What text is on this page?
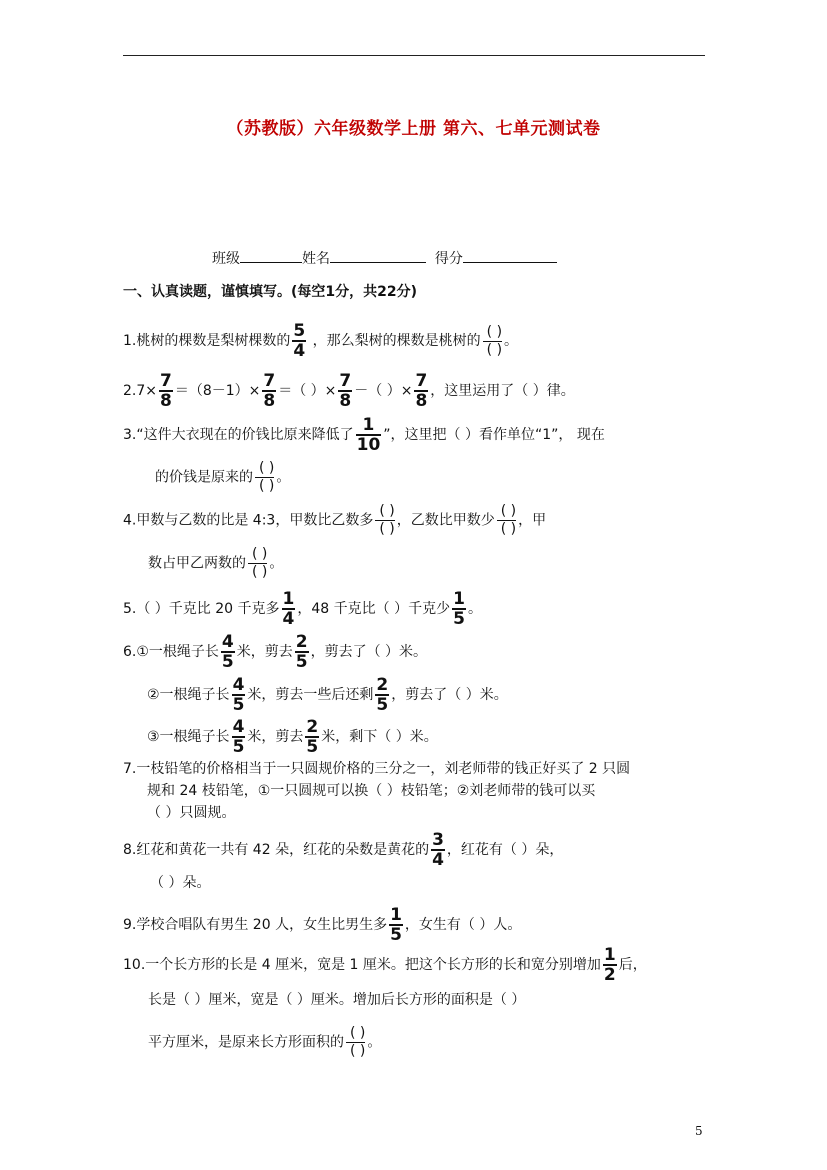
（苏教版）六年级数学上册 第六、七单元测试卷
班级	姓名	得分
一、认真读题，谨慎填写。(每空1分，共22分)
1.桃树的棵数是梨树棵数的 $\frac{5}{4}$ ，那么梨树的棵数是桃树的
( )
( )
。
$2.7\times \frac{7}{8} =(8-1)\times \frac{7}{8}$ ＝（ ）× $\frac{7}{8}$ －（ ）× $\frac{7}{8}$ ，这里运用了（ ）律。
3.“这件大衣现在的价钱比原来降低了 $\frac{1}{10}$ ”，这里把（ ）看作单位“1”， 现在
的价钱是原来的
( )
( )
。
4.甲数与乙数的比是 4:3，甲数比乙数多
( )
( )
，乙数比甲数少
( )
( )
，甲
数占甲乙两数的
( )
( )
。
5.（ ）千克比 20 千克多 $\frac{1}{4}$ ，48 千克比（ ）千克少 $\frac{1}{5}$ 。
6.①一根绳子长 $\frac{4}{5}$ 米，剪去 $\frac{2}{5}$ ，剪去了（ ）米。
②一根绳子长 $\frac{4}{5}$ 米，剪去一些后还剩 $\frac{2}{5}$ ，剪去了（ ）米。
③一根绳子长 $\frac{4}{5}$ 米，剪去 $\frac{2}{5}$ 米，剩下（ ）米。
7.一枝铅笔的价格相当于一只圆规价格的三分之一，刘老师带的钱正好买了 2 只圆
规和 24 枝铅笔，①一只圆规可以换（ ）枝铅笔；②刘老师带的钱可以买
（ ）只圆规。
8.红花和黄花一共有 42 朵，红花的朵数是黄花的 $\frac{3}{4}$ ，红花有（ ）朵，
（ ）朵。
9.学校合唱队有男生 20 人，女生比男生多 $\frac{1}{5}$ ，女生有（ ）人。
10.一个长方形的长是 4 厘米，宽是 1 厘米。把这个长方形的长和宽分别增加 $\frac{1}{2}$ 后，
长是（ ）厘米，宽是（ ）厘米。增加后长方形的面积是（ ）
平方厘米，是原来长方形面积的
( )
( )
。
5
